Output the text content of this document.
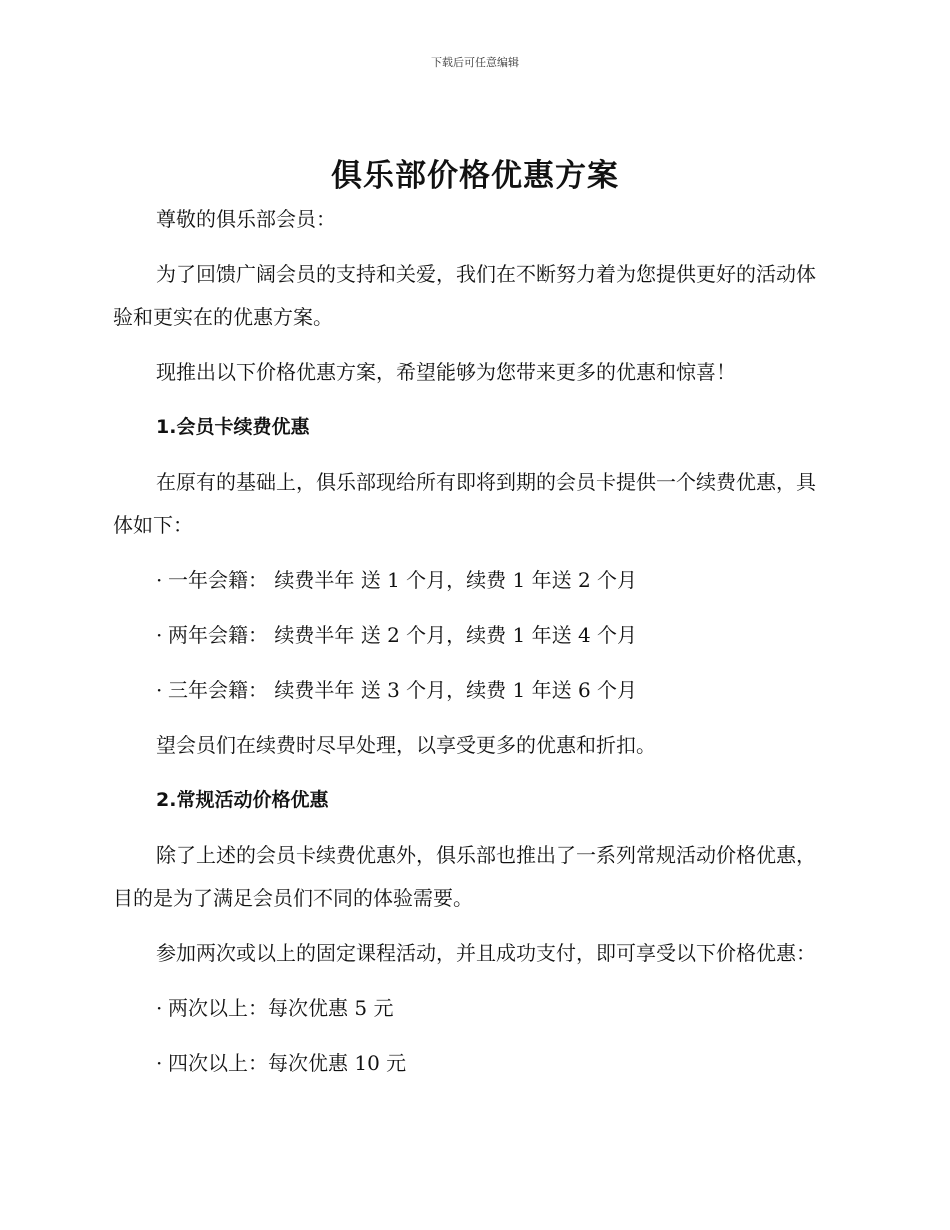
下载后可任意编辑
俱乐部价格优惠方案

尊敬的俱乐部会员：

为了回馈广阔会员的支持和关爱，我们在不断努力着为您提供更好的活动体验和更实在的优惠方案。

现推出以下价格优惠方案，希望能够为您带来更多的优惠和惊喜！

1.会员卡续费优惠

在原有的基础上，俱乐部现给所有即将到期的会员卡提供一个续费优惠，具体如下：

· 一年会籍： 续费半年 送 1 个月，续费 1 年送 2 个月
· 两年会籍： 续费半年 送 2 个月，续费 1 年送 4 个月
· 三年会籍： 续费半年 送 3 个月，续费 1 年送 6 个月

望会员们在续费时尽早处理，以享受更多的优惠和折扣。

2.常规活动价格优惠

除了上述的会员卡续费优惠外，俱乐部也推出了一系列常规活动价格优惠，目的是为了满足会员们不同的体验需要。

参加两次或以上的固定课程活动，并且成功支付，即可享受以下价格优惠：

· 两次以上：每次优惠 5 元
· 四次以上：每次优惠 10 元
